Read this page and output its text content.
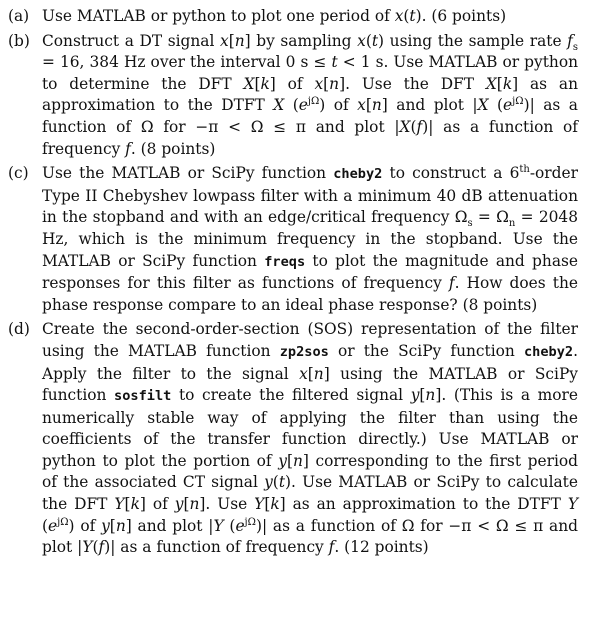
(a) Use MATLAB or python to plot one period of x(t). (6 points)
(b) Construct a DT signal x[n] by sampling x(t) using the sample rate $f_s = 16$, 384 Hz over the interval 0 s ≤ t < 1 s. Use MATLAB or python to determine the DFT X[k] of x[n]. Use the DFT X[k] as an approximation to the DTFT X $(e^{j\Omega})$ of x[n] and plot |X $(e^{j\Omega})|$ as a function of Ω for −π < Ω ≤ π and plot |X(f)| as a function of frequency f. (8 points)
(c) Use the MATLAB or SciPy function cheby2 to construct a 6th-order Type II Chebyshev lowpass filter with a minimum 40 dB attenuation in the stopband and with an edge/critical frequency $\Omega_s = \Omega_n = 2048$ Hz, which is the minimum frequency in the stopband. Use the MATLAB or SciPy function freqs to plot the magnitude and phase responses for this filter as functions of frequency f. How does the phase response compare to an ideal phase response? (8 points)
(d) Create the second-order-section (SOS) representation of the filter using the MATLAB function zp2sos or the SciPy function cheby2. Apply the filter to the signal x[n] using the MATLAB or SciPy function sosfilt to create the filtered signal y[n]. (This is a more numerically stable way of applying the filter than using the coefficients of the transfer function directly.) Use MATLAB or python to plot the portion of y[n] corresponding to the first period of the associated CT signal y(t). Use MATLAB or SciPy to calculate the DFT Y[k] of y[n]. Use Y[k] as an approximation to the DTFT Y $(e^{j\Omega})$ of y[n] and plot |Y $(e^{j\Omega})|$ as a function of Ω for −π < Ω ≤ π and plot |Y(f)| as a function of frequency f. (12 points)
